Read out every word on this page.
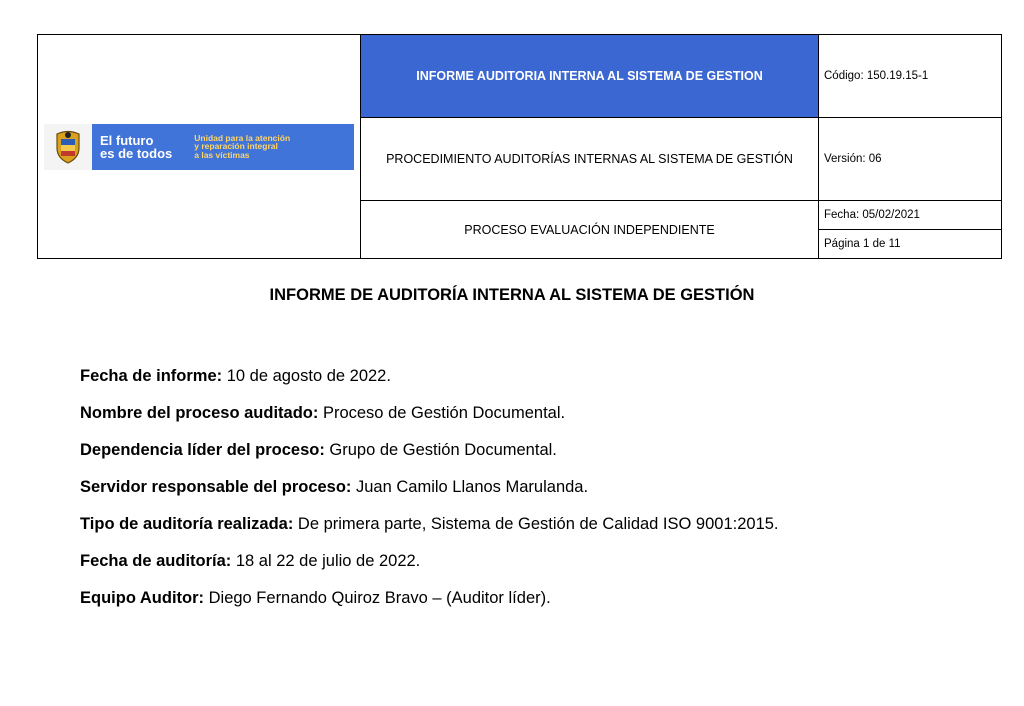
El futuro
es de todos
Unidad para la atención
y reparación integral
a las víctimas	INFORME AUDITORIA INTERNA AL SISTEMA DE GESTION	Código: 150.19.15-1
	PROCEDIMIENTO AUDITORÍAS INTERNAS AL SISTEMA DE GESTIÓN	Versión: 06
	PROCESO EVALUACIÓN INDEPENDIENTE	Fecha: 05/02/2021
Página 1 de 11
INFORME DE AUDITORÍA INTERNA AL SISTEMA DE GESTIÓN

Fecha de informe: 10 de agosto de 2022.

Nombre del proceso auditado: Proceso de Gestión Documental.

Dependencia líder del proceso: Grupo de Gestión Documental.

Servidor responsable del proceso: Juan Camilo Llanos Marulanda.

Tipo de auditoría realizada: De primera parte, Sistema de Gestión de Calidad ISO 9001:2015.

Fecha de auditoría: 18 al 22 de julio de 2022.

Equipo Auditor: Diego Fernando Quiroz Bravo – (Auditor líder).
